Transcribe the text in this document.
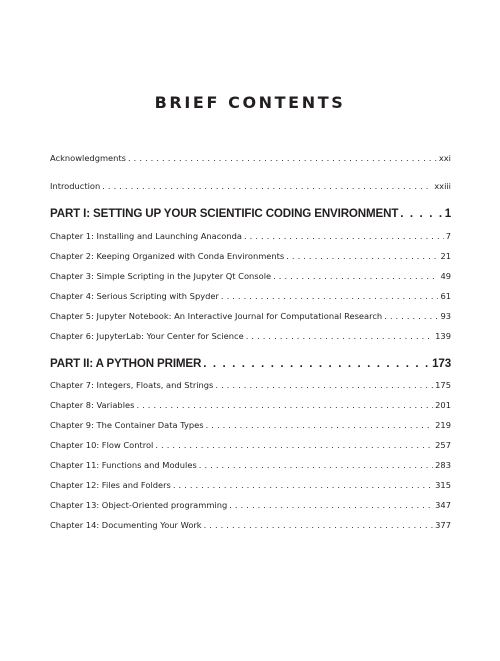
BRIEF CONTENTS
Acknowledgments . . .	xxi
Introduction . . .	xxiii
PART I: SETTING UP YOUR SCIENTIFIC CODING ENVIRONMENT . . .	1
Chapter 1: Installing and Launching Anaconda . . .	7
Chapter 2: Keeping Organized with Conda Environments . . .	21
Chapter 3: Simple Scripting in the Jupyter Qt Console . . .	49
Chapter 4: Serious Scripting with Spyder . . .	61
Chapter 5: Jupyter Notebook: An Interactive Journal for Computational Research . . .	93
Chapter 6: JupyterLab: Your Center for Science . . .	139
PART II: A PYTHON PRIMER . . .	173
Chapter 7: Integers, Floats, and Strings . . .	175
Chapter 8: Variables . . .	201
Chapter 9: The Container Data Types . . .	219
Chapter 10: Flow Control . . .	257
Chapter 11: Functions and Modules . . .	283
Chapter 12: Files and Folders . . .	315
Chapter 13: Object-Oriented programming . . .	347
Chapter 14: Documenting Your Work . . .	377
